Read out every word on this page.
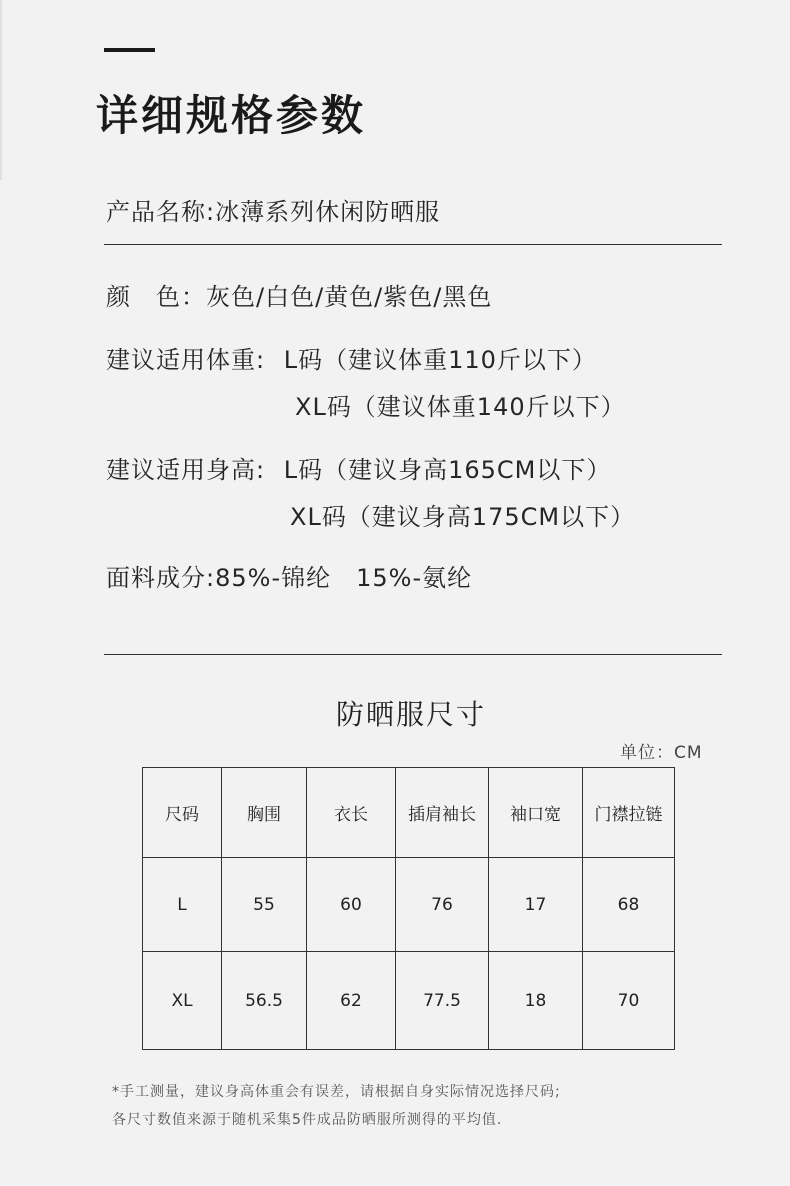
详细规格参数
产品名称:冰薄系列休闲防晒服
颜　色：灰色/白色/黄色/紫色/黑色
建议适用体重: L码（建议体重110斤以下）
XL码（建议体重140斤以下）
建议适用身高: L码（建议身高165CM以下）
XL码（建议身高175CM以下）
面料成分:85%-锦纶　15%-氨纶
防晒服尺寸
单位：CM
尺码	胸围	衣长	插肩袖长	袖口宽	门襟拉链
L	55	60	76	17	68
XL	56.5	62	77.5	18	70
*手工测量，建议身高体重会有误差，请根据自身实际情况选择尺码;
各尺寸数值来源于随机采集5件成品防晒服所测得的平均值.
